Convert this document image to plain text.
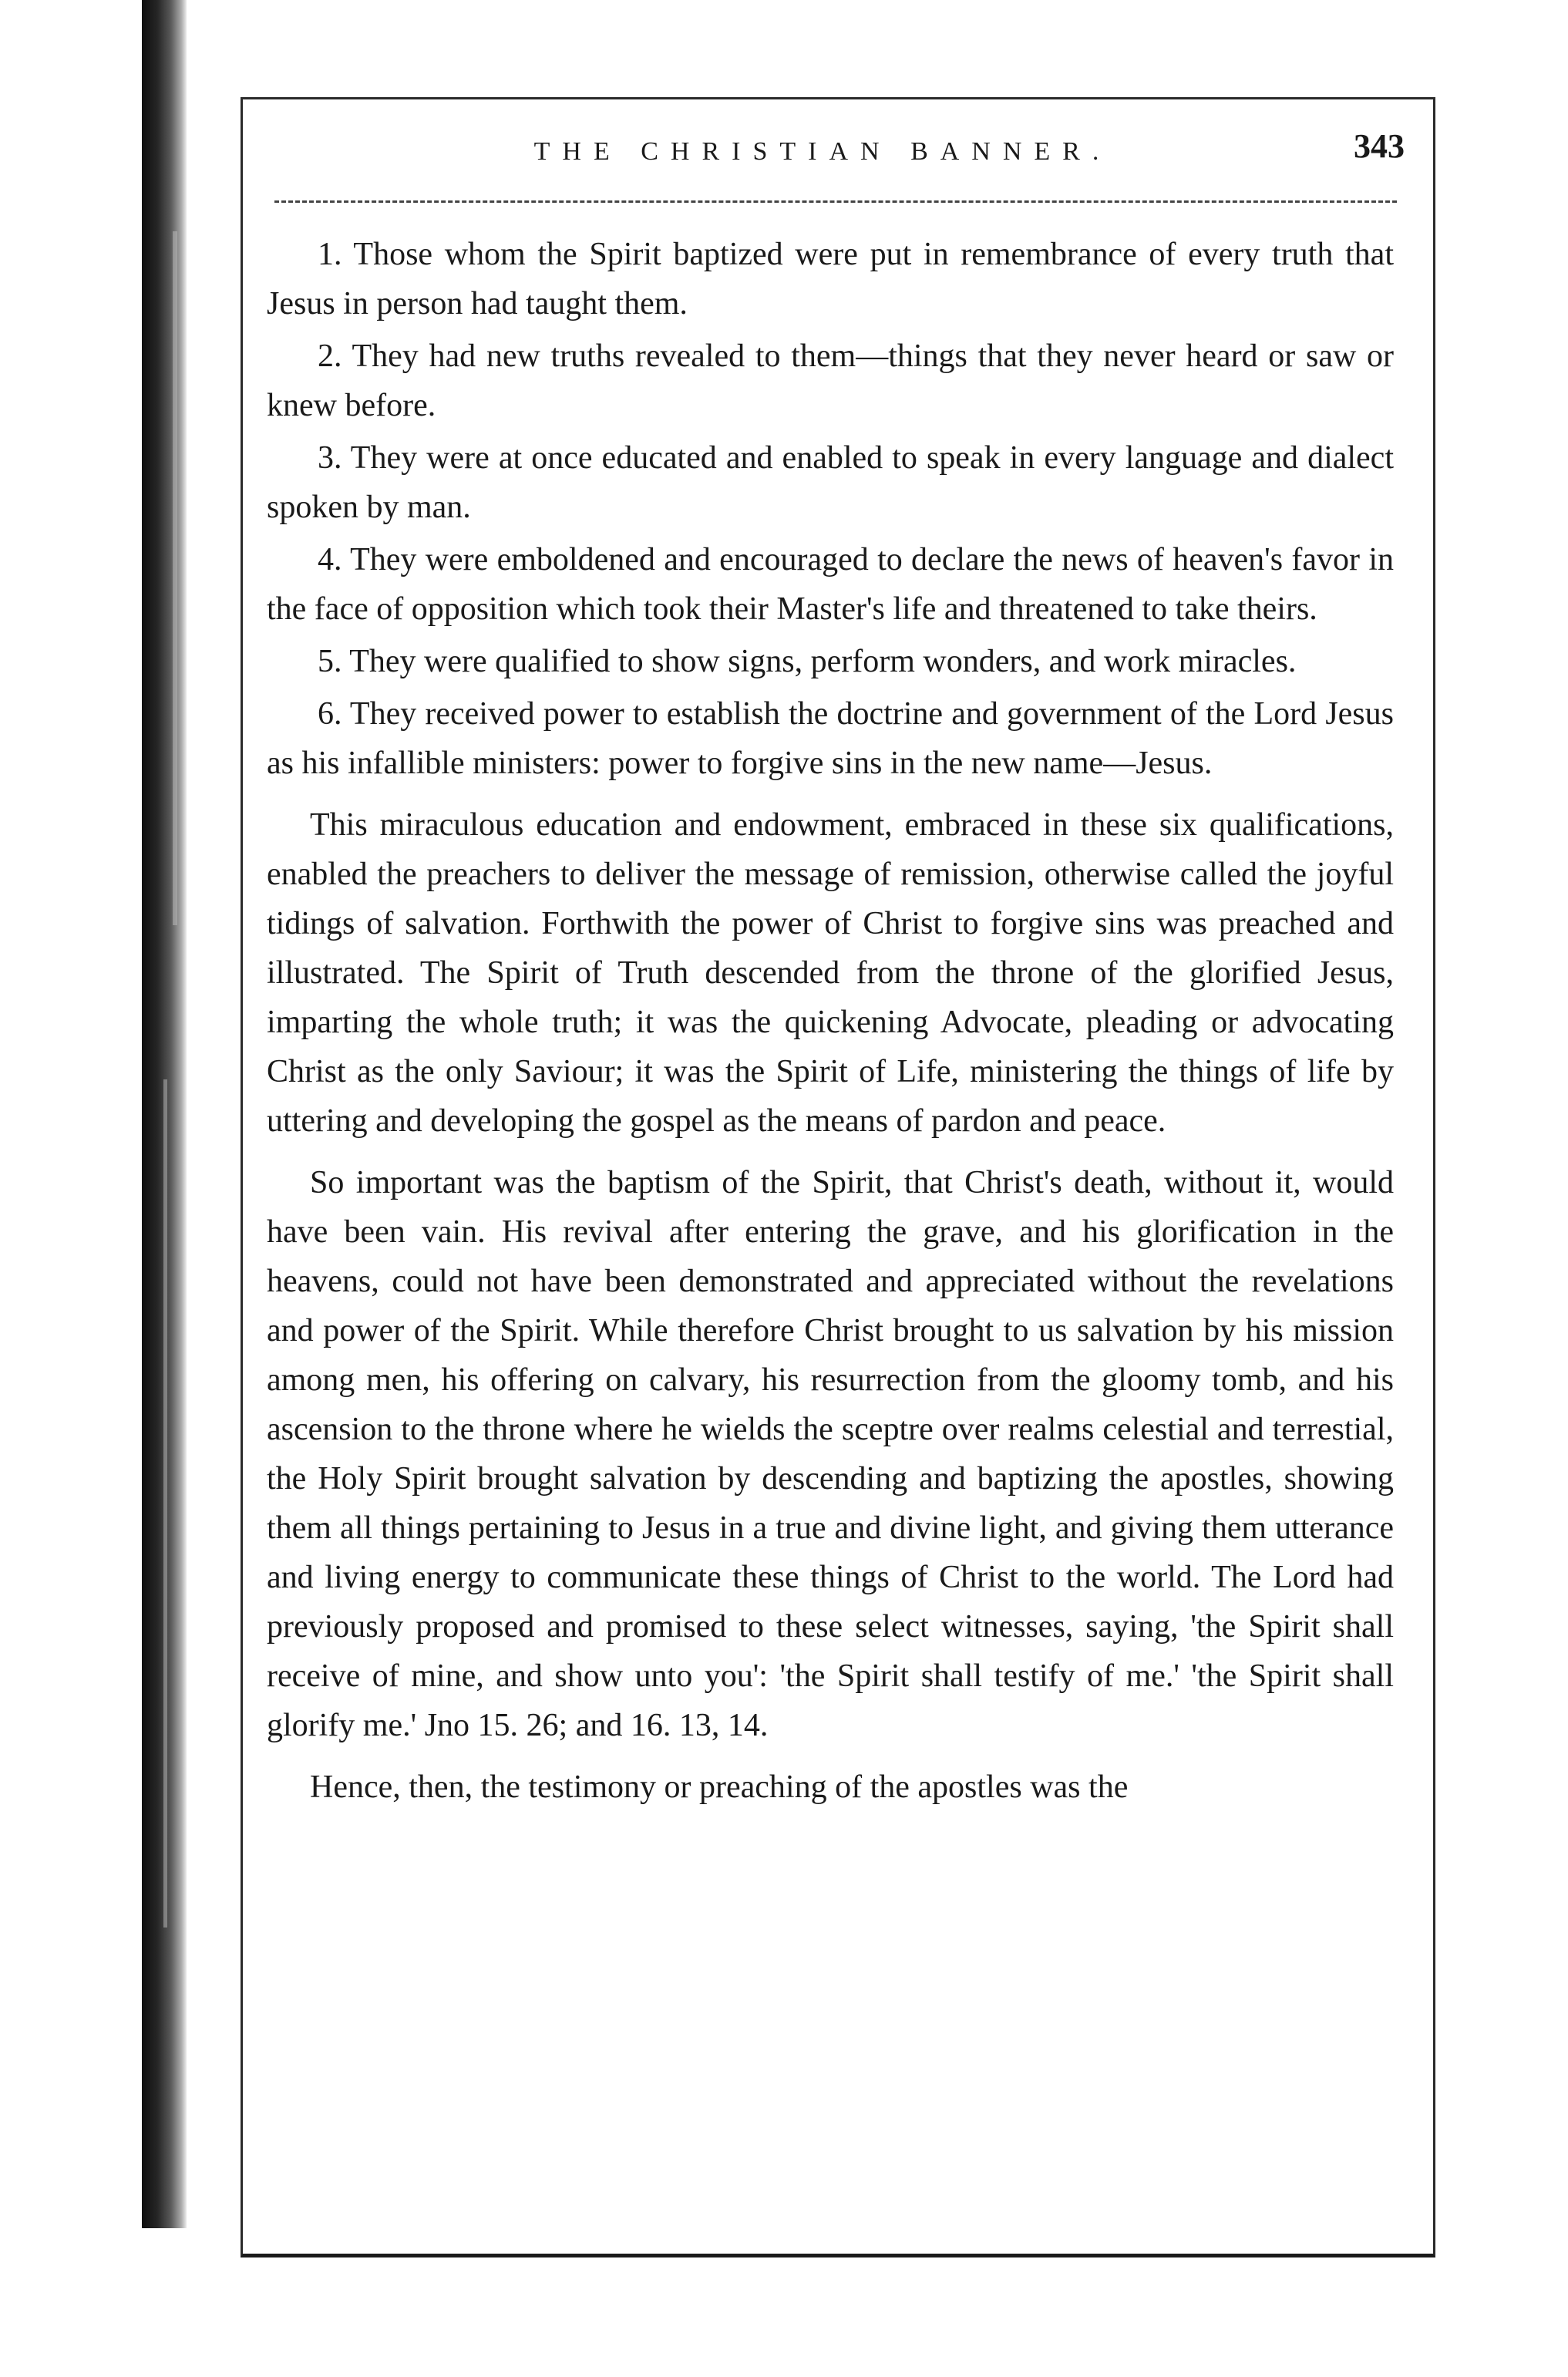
THE CHRISTIAN BANNER.	343

1. Those whom the Spirit baptized were put in remembrance of every truth that Jesus in person had taught them.

2. They had new truths revealed to them—things that they never heard or saw or knew before.

3. They were at once educated and enabled to speak in every language and dialect spoken by man.

4. They were emboldened and encouraged to declare the news of heaven's favor in the face of opposition which took their Master's life and threatened to take theirs.

5. They were qualified to show signs, perform wonders, and work miracles.

6. They received power to establish the doctrine and government of the Lord Jesus as his infallible ministers: power to forgive sins in the new name—Jesus.

This miraculous education and endowment, embraced in these six qualifications, enabled the preachers to deliver the message of remission, otherwise called the joyful tidings of salvation. Forthwith the power of Christ to forgive sins was preached and illustrated. The Spirit of Truth descended from the throne of the glorified Jesus, imparting the whole truth; it was the quickening Advocate, pleading or advocating Christ as the only Saviour; it was the Spirit of Life, ministering the things of life by uttering and developing the gospel as the means of pardon and peace.

So important was the baptism of the Spirit, that Christ's death, without it, would have been vain. His revival after entering the grave, and his glorification in the heavens, could not have been demonstrated and appreciated without the revelations and power of the Spirit. While therefore Christ brought to us salvation by his mission among men, his offering on calvary, his resurrection from the gloomy tomb, and his ascension to the throne where he wields the sceptre over realms celestial and terrestial, the Holy Spirit brought salvation by descending and baptizing the apostles, showing them all things pertaining to Jesus in a true and divine light, and giving them utterance and living energy to communicate these things of Christ to the world. The Lord had previously proposed and promised to these select witnesses, saying, 'the Spirit shall receive of mine, and show unto you': 'the Spirit shall testify of me.' 'the Spirit shall glorify me.' Jno 15. 26; and 16. 13, 14.

Hence, then, the testimony or preaching of the apostles was the
